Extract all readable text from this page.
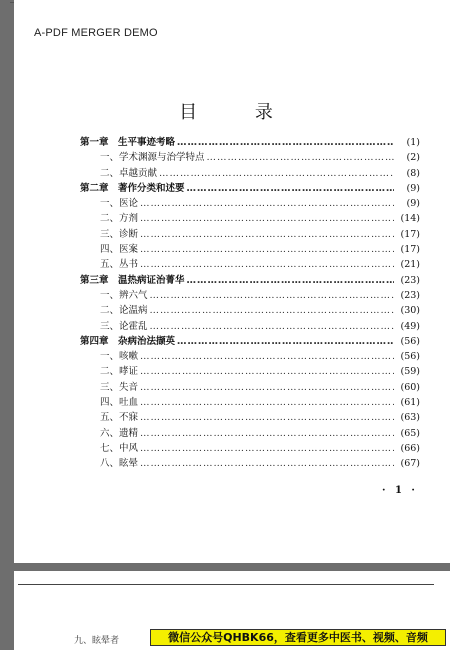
A-PDF MERGER DEMO
目 录
第一章　生平事迹考略 …………………………………………………………………………………………………………………………	(1)
一、学术渊源与治学特点 …………………………………………………………………………………………………………………………	(2)
二、卓越贡献 …………………………………………………………………………………………………………………………	(8)
第二章　著作分类和述要 …………………………………………………………………………………………………………………………	(9)
一、医论 …………………………………………………………………………………………………………………………	(9)
二、方剂 …………………………………………………………………………………………………………………………	(14)
三、诊断 …………………………………………………………………………………………………………………………	(17)
四、医案 …………………………………………………………………………………………………………………………	(17)
五、丛书 …………………………………………………………………………………………………………………………	(21)
第三章　温热病证治菁华 …………………………………………………………………………………………………………………………	(23)
一、辨六气 …………………………………………………………………………………………………………………………	(23)
二、论温病 …………………………………………………………………………………………………………………………	(30)
三、论霍乱 …………………………………………………………………………………………………………………………	(49)
第四章　杂病治法撷英 …………………………………………………………………………………………………………………………	(56)
一、咳嗽 …………………………………………………………………………………………………………………………	(56)
二、哮证 …………………………………………………………………………………………………………………………	(59)
三、失音 …………………………………………………………………………………………………………………………	(60)
四、吐血 …………………………………………………………………………………………………………………………	(61)
五、不寐 …………………………………………………………………………………………………………………………	(63)
六、遗精 …………………………………………………………………………………………………………………………	(65)
七、中风 …………………………………………………………………………………………………………………………	(66)
八、眩晕 …………………………………………………………………………………………………………………………	(67)
· 1 ·
九、眩晕者	微信公众号QHBK66，查看更多中医书、视频、音频
